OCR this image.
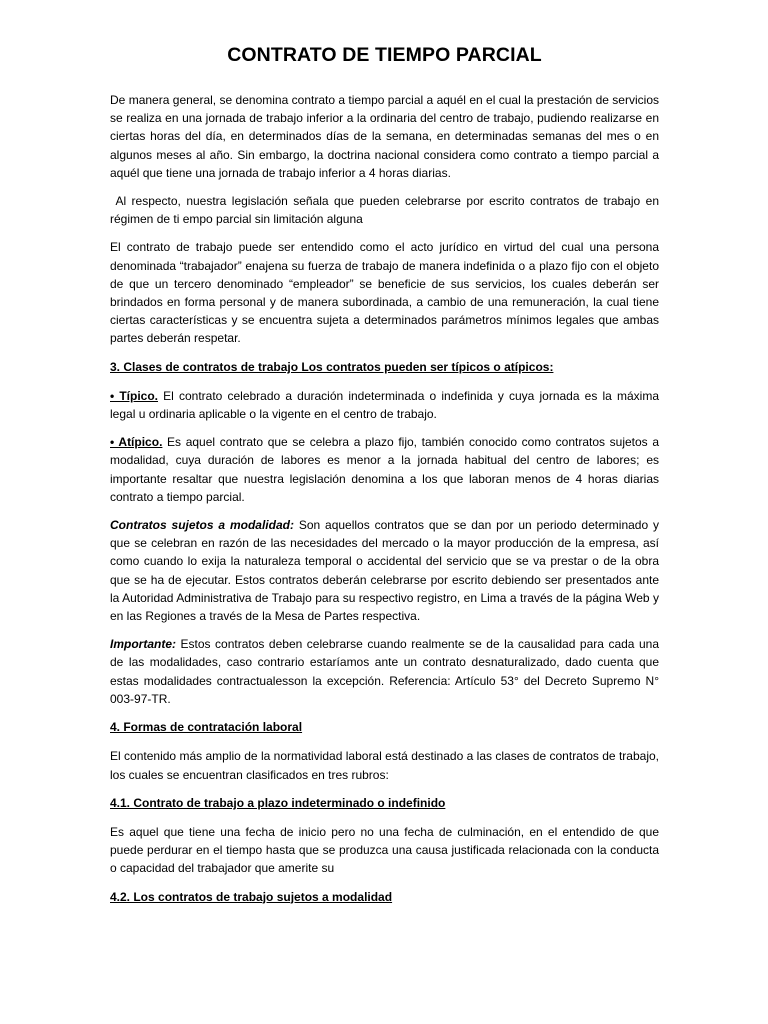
CONTRATO DE TIEMPO PARCIAL

De manera general, se denomina contrato a tiempo parcial a aquél en el cual la prestación de servicios se realiza en una jornada de trabajo inferior a la ordinaria del centro de trabajo, pudiendo realizarse en ciertas horas del día, en determinados días de la semana, en determinadas semanas del mes o en algunos meses al año. Sin embargo, la doctrina nacional considera como contrato a tiempo parcial a aquél que tiene una jornada de trabajo inferior a 4 horas diarias.

Al respecto, nuestra legislación señala que pueden celebrarse por escrito contratos de trabajo en régimen de ti empo parcial sin limitación alguna

El contrato de trabajo puede ser entendido como el acto jurídico en virtud del cual una persona denominada “trabajador” enajena su fuerza de trabajo de manera indefinida o a plazo fijo con el objeto de que un tercero denominado “empleador” se beneficie de sus servicios, los cuales deberán ser brindados en forma personal y de manera subordinada, a cambio de una remuneración, la cual tiene ciertas características y se encuentra sujeta a determinados parámetros mínimos legales que ambas partes deberán respetar.

3. Clases de contratos de trabajo Los contratos pueden ser típicos o atípicos:

• Típico. El contrato celebrado a duración indeterminada o indefinida y cuya jornada es la máxima legal u ordinaria aplicable o la vigente en el centro de trabajo.

• Atípico. Es aquel contrato que se celebra a plazo fijo, también conocido como contratos sujetos a modalidad, cuya duración de labores es menor a la jornada habitual del centro de labores; es importante resaltar que nuestra legislación denomina a los que laboran menos de 4 horas diarias contrato a tiempo parcial.

Contratos sujetos a modalidad: Son aquellos contratos que se dan por un periodo determinado y que se celebran en razón de las necesidades del mercado o la mayor producción de la empresa, así como cuando lo exija la naturaleza temporal o accidental del servicio que se va prestar o de la obra que se ha de ejecutar. Estos contratos deberán celebrarse por escrito debiendo ser presentados ante la Autoridad Administrativa de Trabajo para su respectivo registro, en Lima a través de la página Web y en las Regiones a través de la Mesa de Partes respectiva.

Importante: Estos contratos deben celebrarse cuando realmente se de la causalidad para cada una de las modalidades, caso contrario estaríamos ante un contrato desnaturalizado, dado cuenta que estas modalidades contractualesson la excepción. Referencia: Artículo 53° del Decreto Supremo N° 003-97-TR.

4. Formas de contratación laboral

El contenido más amplio de la normatividad laboral está destinado a las clases de contratos de trabajo, los cuales se encuentran clasificados en tres rubros:

4.1. Contrato de trabajo a plazo indeterminado o indefinido

Es aquel que tiene una fecha de inicio pero no una fecha de culminación, en el entendido de que puede perdurar en el tiempo hasta que se produzca una causa justificada relacionada con la conducta o capacidad del trabajador que amerite su

4.2. Los contratos de trabajo sujetos a modalidad
